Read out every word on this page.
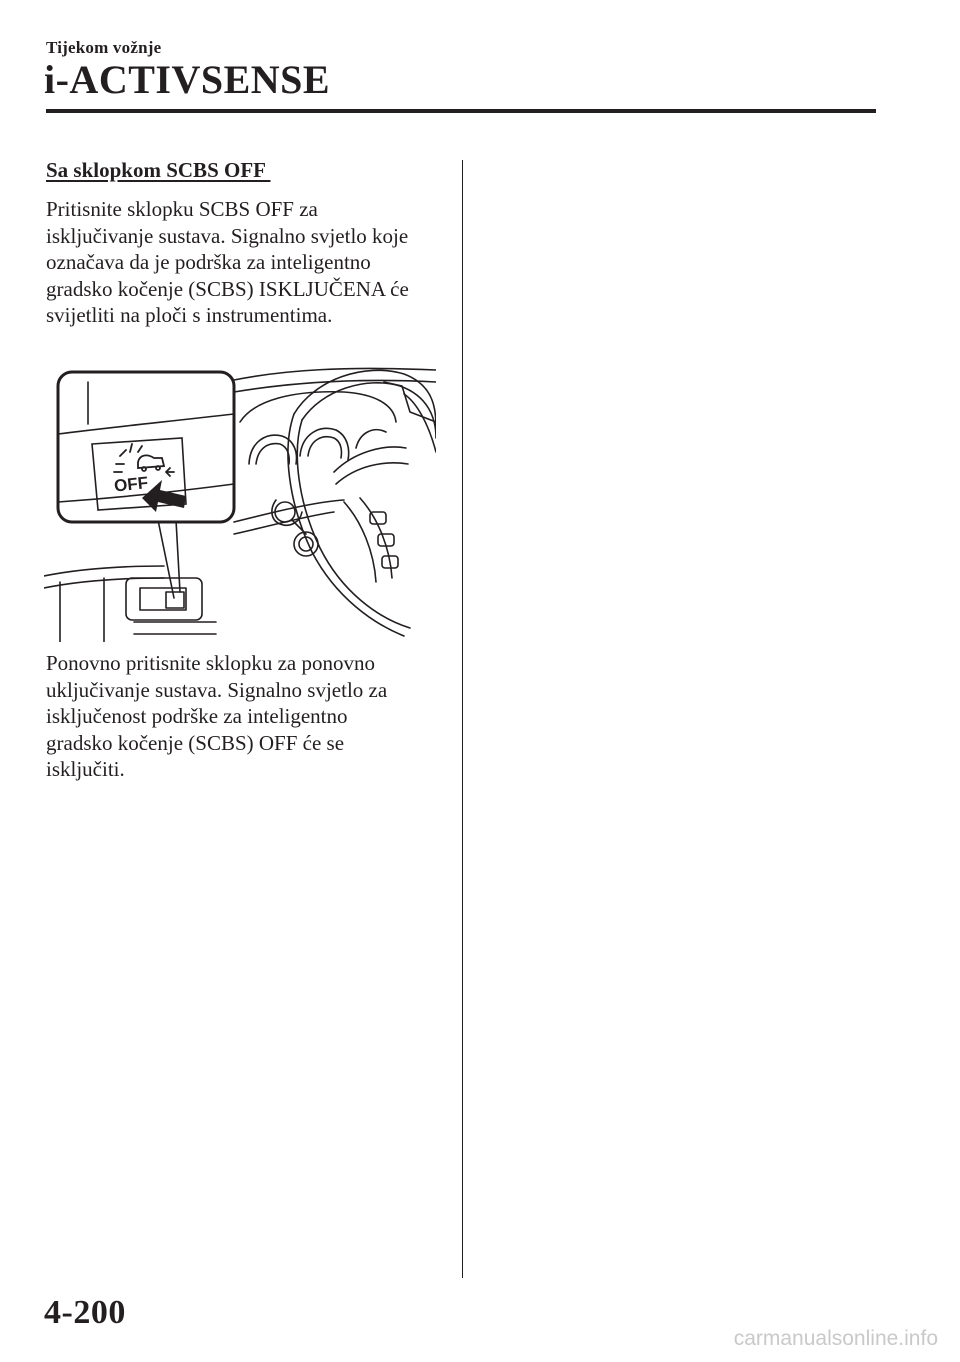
Tijekom vožnje
i-ACTIVSENSE
Sa sklopkom SCBS OFF

Pritisnite sklopku SCBS OFF za
isključivanje sustava. Signalno svjetlo koje
označava da je podrška za inteligentno
gradsko kočenje (SCBS) ISKLJUČENA će
svijetliti na ploči s instrumentima.

OFF

Ponovno pritisnite sklopku za ponovno
uključivanje sustava. Signalno svjetlo za
isključenost podrške za inteligentno
gradsko kočenje (SCBS) OFF će se
isključiti.

4-200
carmanualsonline.info
